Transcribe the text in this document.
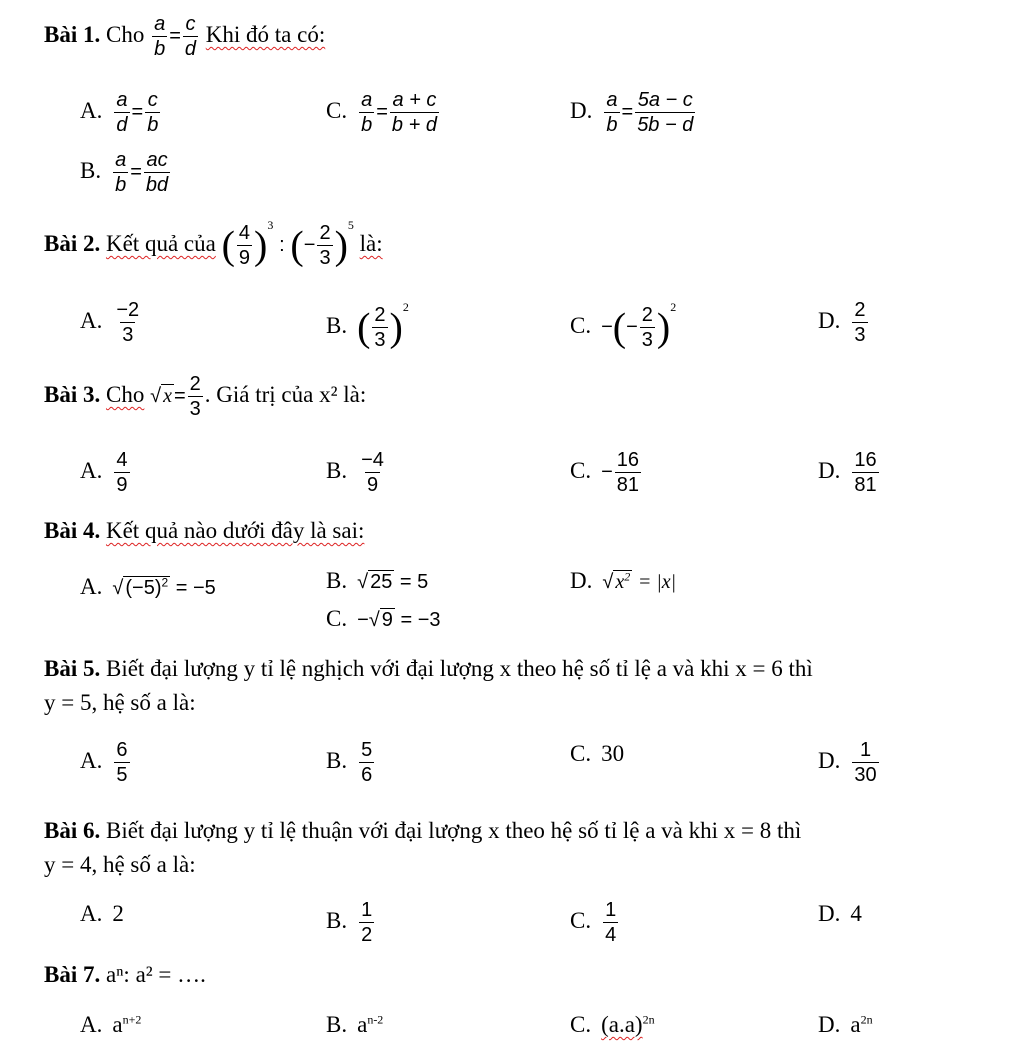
Bài 1. Cho $\frac{a}{b} = \frac{c}{d}$ Khi đó ta có:
A. $\frac{a}{d} = \frac{c}{b}$	C. $\frac{a}{b} = \frac{a + c}{b + d}$	D. $\frac{a}{b} = \frac{5a - c}{5b - d}$
B. $\frac{a}{b} = \frac{ac}{bd}$
Bài 2. Kết quả của ( $\frac{4}{9} )^3$ : (− $\frac{2}{3} )^5$ là:
A. $\frac{-2}{3}$	B. ( $\frac{2}{3} )^2$
C. −(− $\frac{2}{3} )^2$
D. $\frac{2}{3}$
Bài 3. Cho √ $x = \frac{2}{3}$ . Giá trị của x² là:
A. $\frac{4}{9}$	B. $\frac{-4}{9}$	C. − $\frac{16}{81}$	D. $\frac{16}{81}$
Bài 4. Kết quả nào dưới đây là sai:
A. √ $(-5)^2 = -5$	B. √ 25 = 5	D. √ $x^2 = |x|$
C. −√ 9 = −3
Bài 5. Biết đại lượng y tỉ lệ nghịch với đại lượng x theo hệ số tỉ lệ a và khi x = 6 thì
y = 5, hệ số a là:
A. $\frac{6}{5}$	B. $\frac{5}{6}$	C. 30	D. $\frac{1}{30}$
Bài 6. Biết đại lượng y tỉ lệ thuận với đại lượng x theo hệ số tỉ lệ a và khi x = 8 thì
y = 4, hệ số a là:
A. 2	B. $\frac{1}{2}$	C. $\frac{1}{4}$	D. 4
Bài 7. aⁿ: a² = ….
A. $a^{n+2}$	B. $a^{n-2}$	C. $(a.a)^{2n}$	D. $a^{2n}$
